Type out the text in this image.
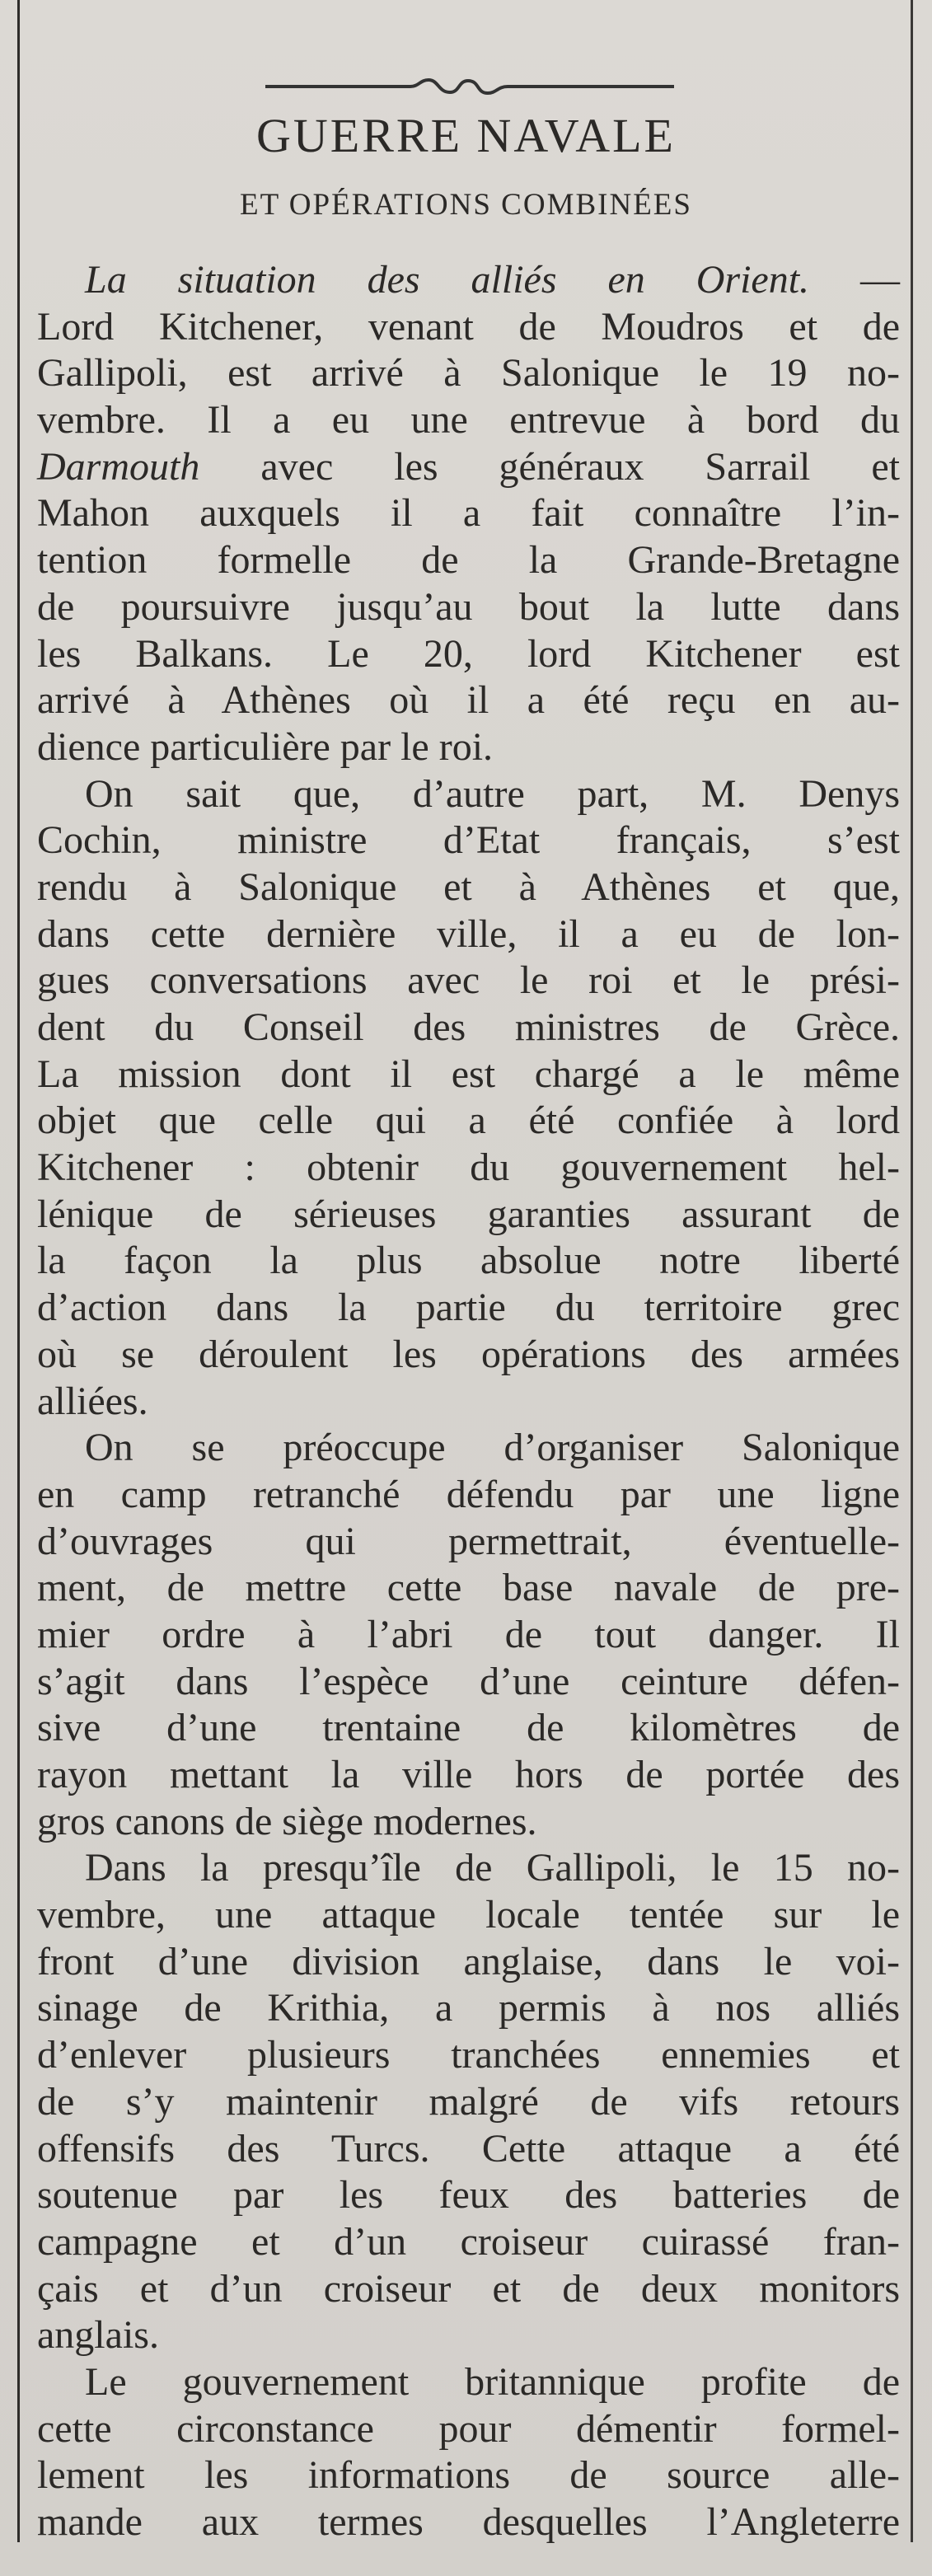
GUERRE NAVALE
ET OPÉRATIONS COMBINÉES
La situation des alliés en Orient. —
Lord Kitchener, venant de Moudros et de
Gallipoli, est arrivé à Salonique le 19 no-
vembre. Il a eu une entrevue à bord du
Darmouth avec les généraux Sarrail et
Mahon auxquels il a fait connaître l’in-
tention formelle de la Grande-Bretagne
de poursuivre jusqu’au bout la lutte dans
les Balkans. Le 20, lord Kitchener est
arrivé à Athènes où il a été reçu en au-
dience particulière par le roi.
On sait que, d’autre part, M. Denys
Cochin, ministre d’Etat français, s’est
rendu à Salonique et à Athènes et que,
dans cette dernière ville, il a eu de lon-
gues conversations avec le roi et le prési-
dent du Conseil des ministres de Grèce.
La mission dont il est chargé a le même
objet que celle qui a été confiée à lord
Kitchener : obtenir du gouvernement hel-
lénique de sérieuses garanties assurant de
la façon la plus absolue notre liberté
d’action dans la partie du territoire grec
où se déroulent les opérations des armées
alliées.
On se préoccupe d’organiser Salonique
en camp retranché défendu par une ligne
d’ouvrages qui permettrait, éventuelle-
ment, de mettre cette base navale de pre-
mier ordre à l’abri de tout danger. Il
s’agit dans l’espèce d’une ceinture défen-
sive d’une trentaine de kilomètres de
rayon mettant la ville hors de portée des
gros canons de siège modernes.
Dans la presqu’île de Gallipoli, le 15 no-
vembre, une attaque locale tentée sur le
front d’une division anglaise, dans le voi-
sinage de Krithia, a permis à nos alliés
d’enlever plusieurs tranchées ennemies et
de s’y maintenir malgré de vifs retours
offensifs des Turcs. Cette attaque a été
soutenue par les feux des batteries de
campagne et d’un croiseur cuirassé fran-
çais et d’un croiseur et de deux monitors
anglais.
Le gouvernement britannique profite de
cette circonstance pour démentir formel-
lement les informations de source alle-
mande aux termes desquelles l’Angleterre
